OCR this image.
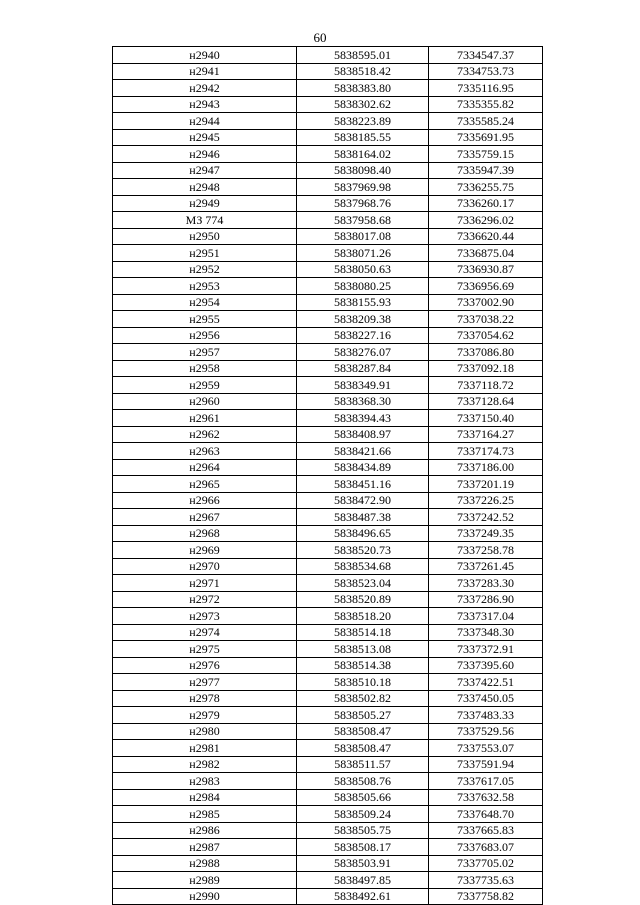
60
н2940	5838595.01	7334547.37
н2941	5838518.42	7334753.73
н2942	5838383.80	7335116.95
н2943	5838302.62	7335355.82
н2944	5838223.89	7335585.24
н2945	5838185.55	7335691.95
н2946	5838164.02	7335759.15
н2947	5838098.40	7335947.39
н2948	5837969.98	7336255.75
н2949	5837968.76	7336260.17
МЗ 774	5837958.68	7336296.02
н2950	5838017.08	7336620.44
н2951	5838071.26	7336875.04
н2952	5838050.63	7336930.87
н2953	5838080.25	7336956.69
н2954	5838155.93	7337002.90
н2955	5838209.38	7337038.22
н2956	5838227.16	7337054.62
н2957	5838276.07	7337086.80
н2958	5838287.84	7337092.18
н2959	5838349.91	7337118.72
н2960	5838368.30	7337128.64
н2961	5838394.43	7337150.40
н2962	5838408.97	7337164.27
н2963	5838421.66	7337174.73
н2964	5838434.89	7337186.00
н2965	5838451.16	7337201.19
н2966	5838472.90	7337226.25
н2967	5838487.38	7337242.52
н2968	5838496.65	7337249.35
н2969	5838520.73	7337258.78
н2970	5838534.68	7337261.45
н2971	5838523.04	7337283.30
н2972	5838520.89	7337286.90
н2973	5838518.20	7337317.04
н2974	5838514.18	7337348.30
н2975	5838513.08	7337372.91
н2976	5838514.38	7337395.60
н2977	5838510.18	7337422.51
н2978	5838502.82	7337450.05
н2979	5838505.27	7337483.33
н2980	5838508.47	7337529.56
н2981	5838508.47	7337553.07
н2982	5838511.57	7337591.94
н2983	5838508.76	7337617.05
н2984	5838505.66	7337632.58
н2985	5838509.24	7337648.70
н2986	5838505.75	7337665.83
н2987	5838508.17	7337683.07
н2988	5838503.91	7337705.02
н2989	5838497.85	7337735.63
н2990	5838492.61	7337758.82
